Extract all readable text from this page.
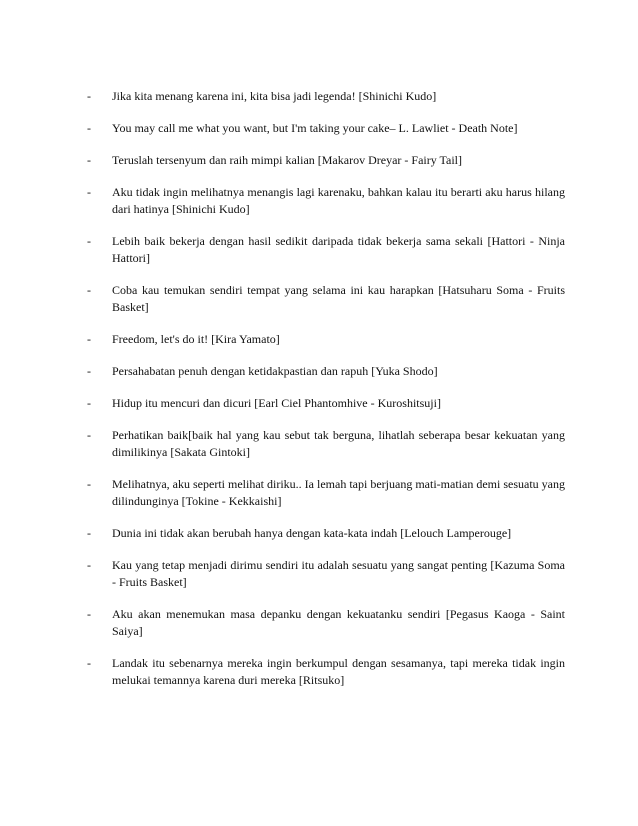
-	Jika kita menang karena ini, kita bisa jadi legenda! [Shinichi Kudo]
-	You may call me what you want, but I'm taking your cake– L. Lawliet - Death Note]
-	Teruslah tersenyum dan raih mimpi kalian [Makarov Dreyar - Fairy Tail]
-	Aku tidak ingin melihatnya menangis lagi karenaku, bahkan kalau itu berarti aku harus hilang dari hatinya [Shinichi Kudo]
-	Lebih baik bekerja dengan hasil sedikit daripada tidak bekerja sama sekali [Hattori - Ninja Hattori]
-	Coba kau temukan sendiri tempat yang selama ini kau harapkan [Hatsuharu Soma - Fruits Basket]
-	Freedom, let's do it! [Kira Yamato]
-	Persahabatan penuh dengan ketidakpastian dan rapuh [Yuka Shodo]
-	Hidup itu mencuri dan dicuri [Earl Ciel Phantomhive - Kuroshitsuji]
-	Perhatikan baik[baik hal yang kau sebut tak berguna, lihatlah seberapa besar kekuatan yang dimilikinya [Sakata Gintoki]
-	Melihatnya, aku seperti melihat diriku.. Ia lemah tapi berjuang mati-matian demi sesuatu yang dilindunginya [Tokine - Kekkaishi]
-	Dunia ini tidak akan berubah hanya dengan kata-kata indah [Lelouch Lamperouge]
-	Kau yang tetap menjadi dirimu sendiri itu adalah sesuatu yang sangat penting [Kazuma Soma - Fruits Basket]
-	Aku akan menemukan masa depanku dengan kekuatanku sendiri [Pegasus Kaoga - Saint Saiya]
-	Landak itu sebenarnya mereka ingin berkumpul dengan sesamanya, tapi mereka tidak ingin melukai temannya karena duri mereka [Ritsuko]
